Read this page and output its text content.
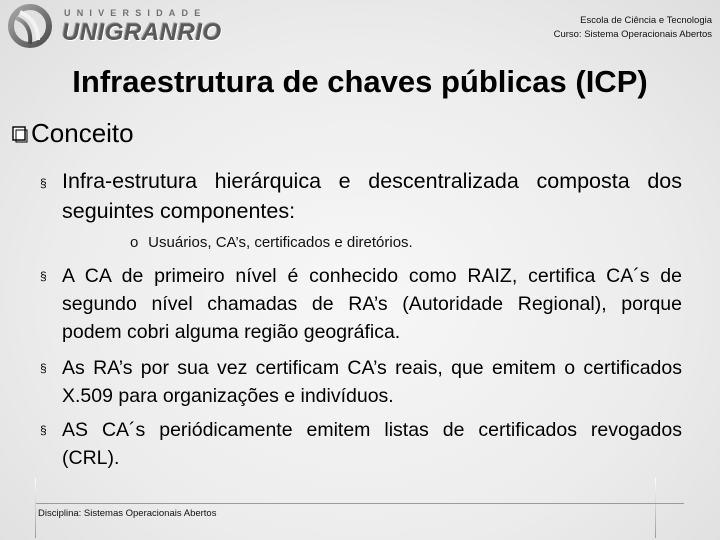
UNIVERSIDADE
UNIGRANRIO	Escola de Ciência e Tecnologia
Curso: Sistema Operacionais Abertos
Infraestrutura de chaves públicas (ICP)
Conceito
§ Infra-estrutura hierárquica e descentralizada composta dos seguintes componentes:
o Usuários, CA’s, certificados e diretórios.
§ A CA de primeiro nível é conhecido como RAIZ, certifica CA´s de segundo nível chamadas de RA’s (Autoridade Regional), porque podem cobri alguma região geográfica.
§ As RA’s por sua vez certificam CA’s reais, que emitem o certificados X.509 para organizações e indivíduos.
§ AS CA´s periódicamente emitem listas de certificados revogados (CRL).
Disciplina: Sistemas Operacionais Abertos
